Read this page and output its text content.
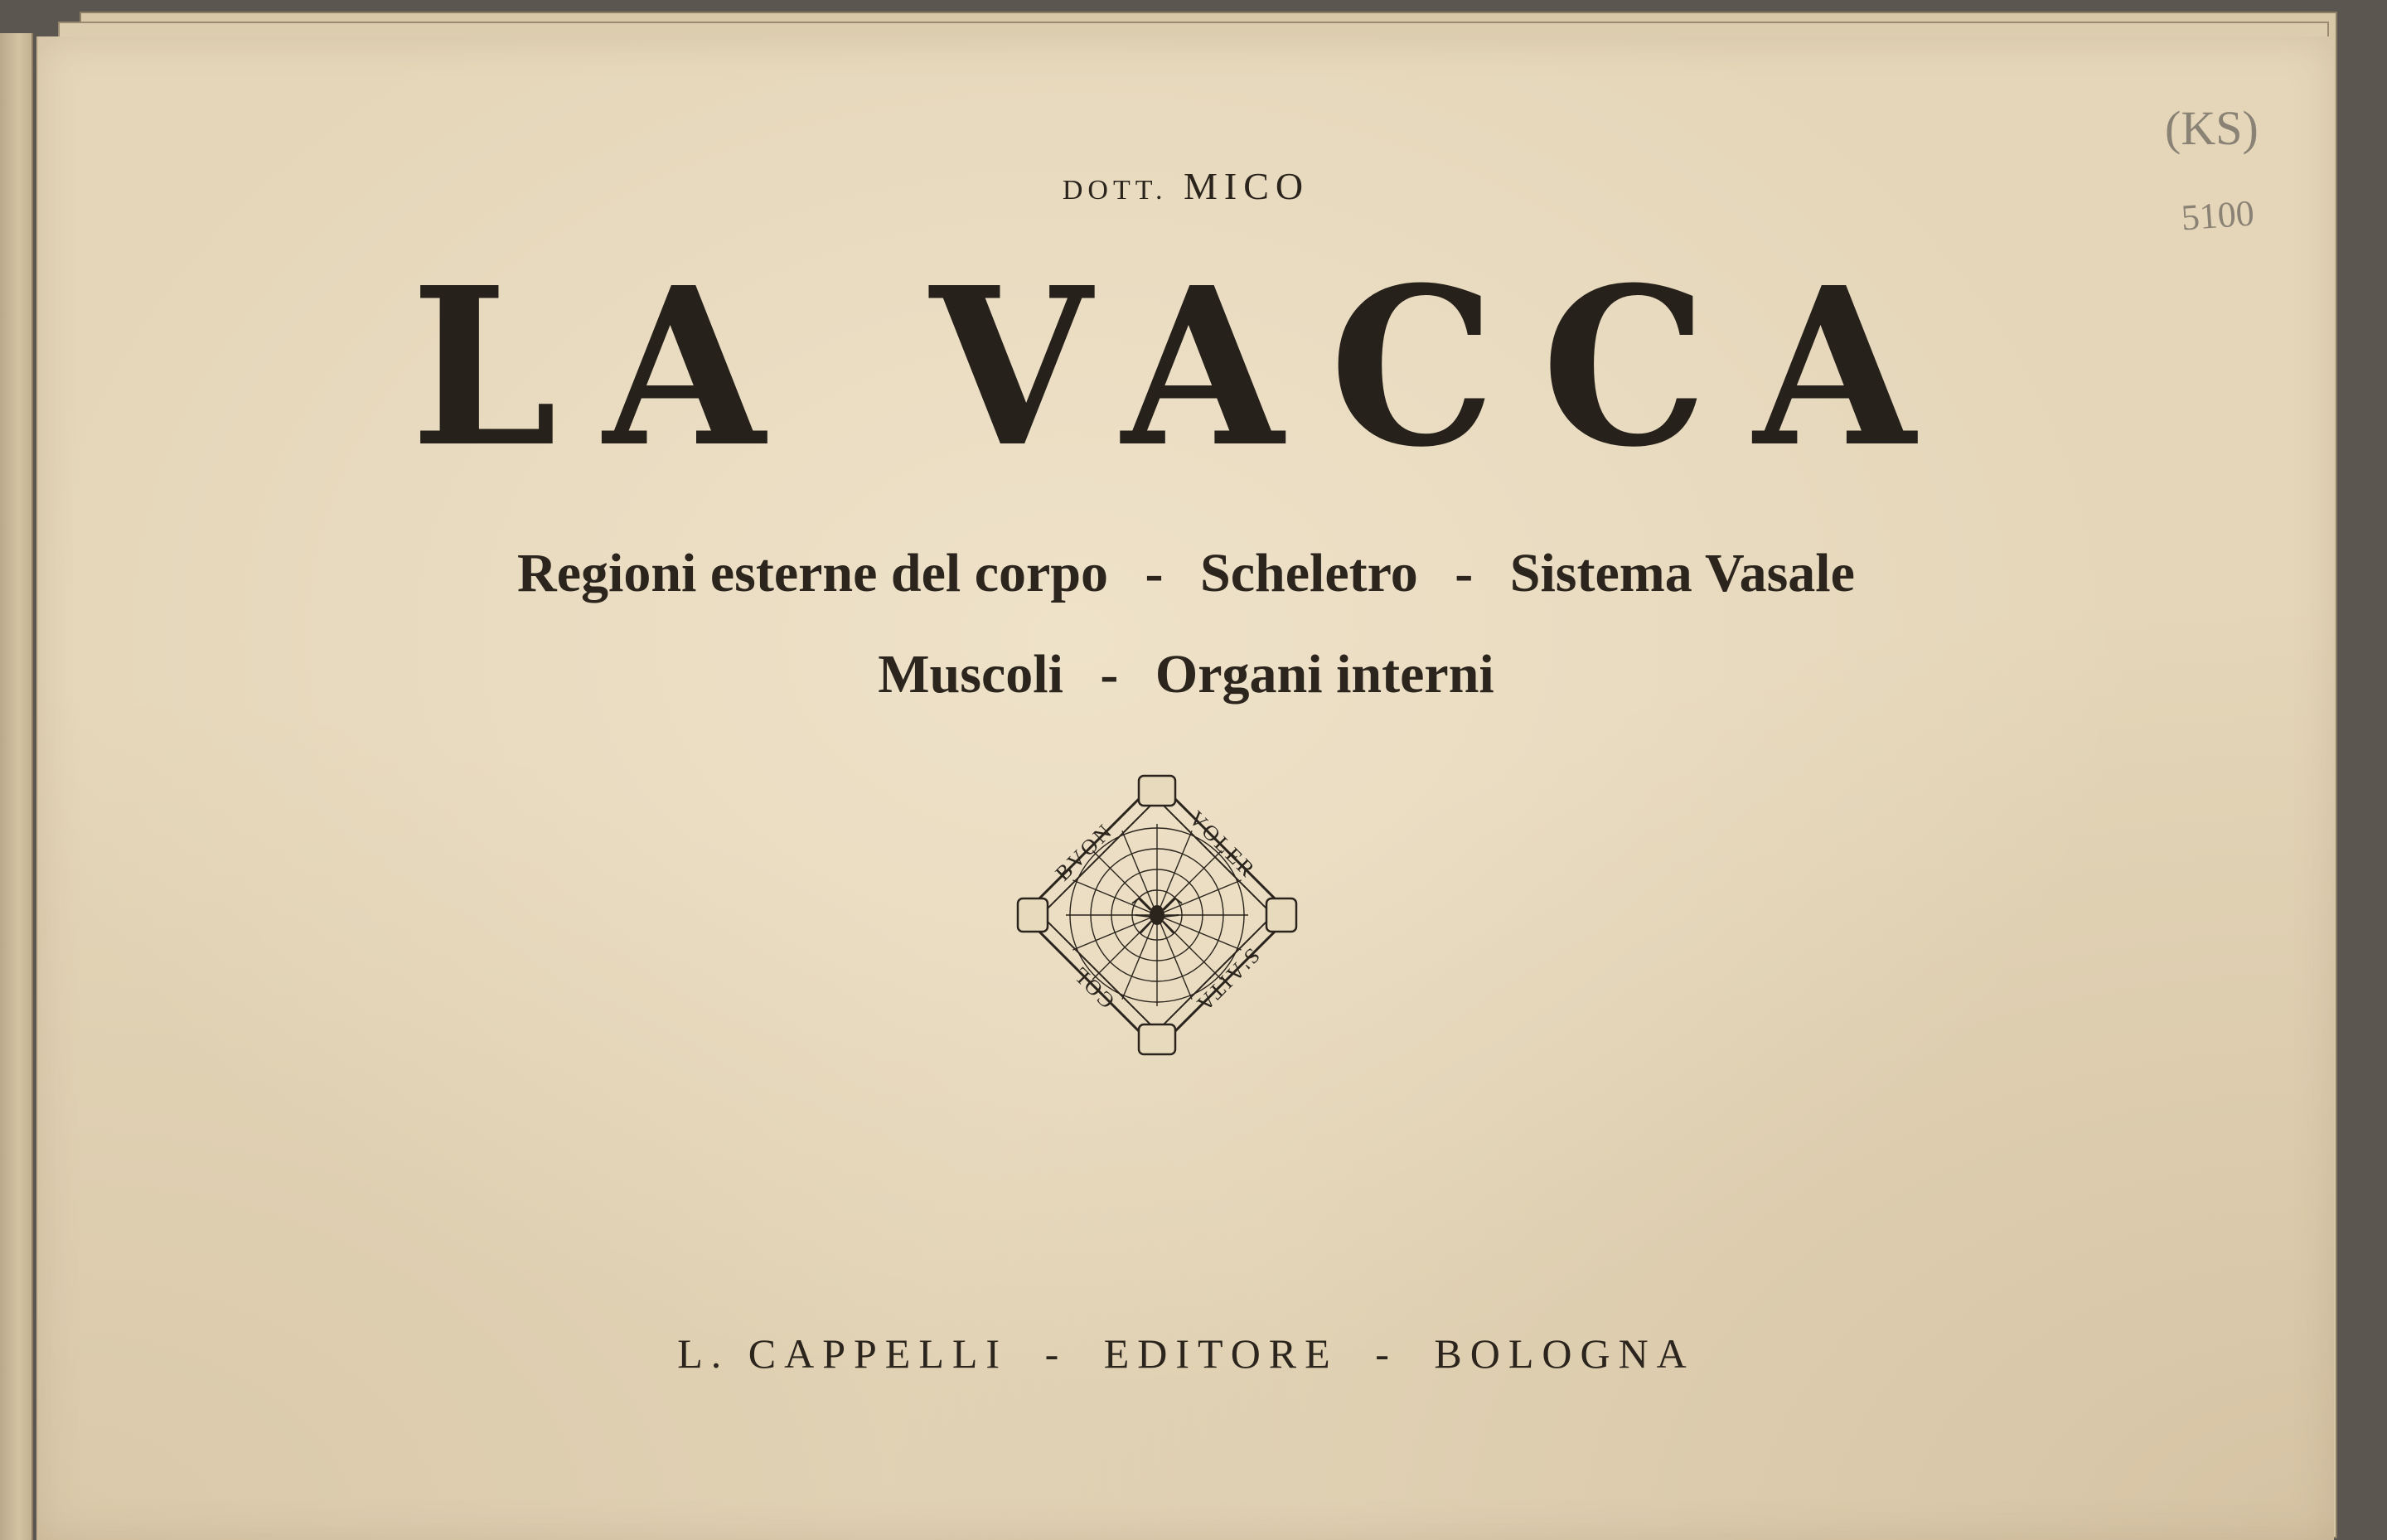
DOTT. MICO
LA VACCA
Regioni esterne del corpo - Scheletro - Sistema Vasale
Muscoli - Organi interni
BVON	VOLER
COL
S'AITA
L. CAPPELLI - EDITORE - BOLOGNA
(KS)
5100
